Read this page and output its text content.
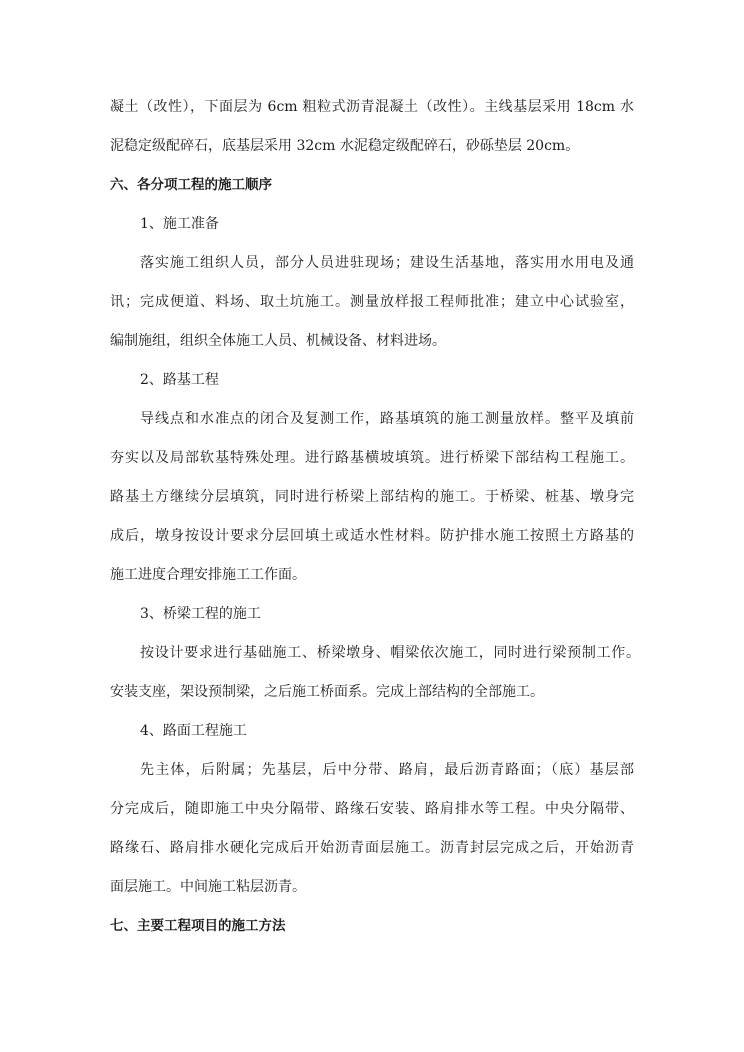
凝土（改性），下面层为 6cm 粗粒式沥青混凝土（改性）。主线基层采用 18cm 水
泥稳定级配碎石，底基层采用 32cm 水泥稳定级配碎石，砂砾垫层 20cm。
六、各分项工程的施工顺序
1、施工准备
落实施工组织人员，部分人员进驻现场；建设生活基地，落实用水用电及通
讯；完成便道、料场、取土坑施工。测量放样报工程师批准；建立中心试验室，
编制施组，组织全体施工人员、机械设备、材料进场。
2、路基工程
导线点和水准点的闭合及复测工作，路基填筑的施工测量放样。整平及填前
夯实以及局部软基特殊处理。进行路基横坡填筑。进行桥梁下部结构工程施工。
路基土方继续分层填筑，同时进行桥梁上部结构的施工。于桥梁、桩基、墩身完
成后，墩身按设计要求分层回填土或适水性材料。防护排水施工按照土方路基的
施工进度合理安排施工工作面。
3、桥梁工程的施工
按设计要求进行基础施工、桥梁墩身、帽梁依次施工，同时进行梁预制工作。
安装支座，架设预制梁，之后施工桥面系。完成上部结构的全部施工。
4、路面工程施工
先主体，后附属；先基层，后中分带、路肩，最后沥青路面；（底）基层部
分完成后，随即施工中央分隔带、路缘石安装、路肩排水等工程。中央分隔带、
路缘石、路肩排水硬化完成后开始沥青面层施工。沥青封层完成之后，开始沥青
面层施工。中间施工粘层沥青。
七、主要工程项目的施工方法
